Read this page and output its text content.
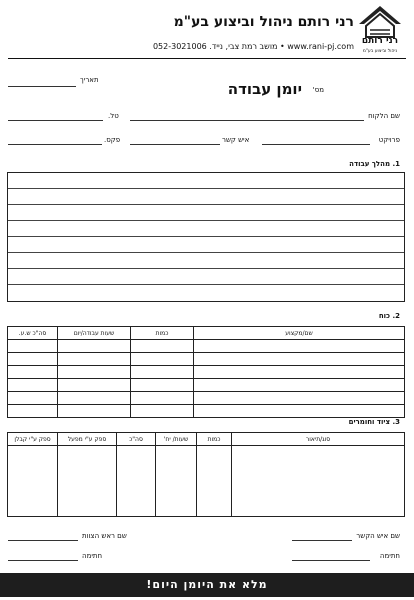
רני רותם ניהול וביצוע בע"מ
מושב רמת צבי, נייד. 052-3021006 • www.rani-pj.com
רני רותם
ניהול וביצוע בע"מ
יומן עבודה מס'
תאריך
שם הלקוח
טל.
פרויקט
איש קשר
פקס.
1. מהלך עבודה
2. כוח
שם/מקצוע	כמות	שעות עבודה/יום	סה"כ ש.ע.

3. ציוד וחומרים
סוג/תיאור	כמות	שעות/ יח'	סה"כ	ספק ע"י מפעל	ספק ע"י קבלן

שם איש הקשר
שם ראש הצוות
חתימה
חתימה
מלא את היומן היום!
